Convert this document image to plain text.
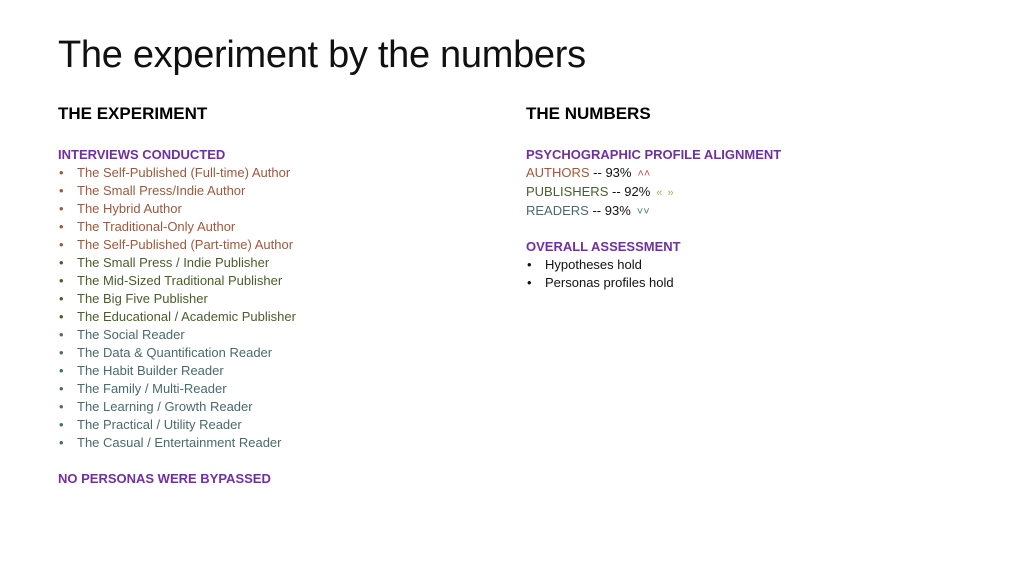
The experiment by the numbers
THE EXPERIMENT
INTERVIEWS CONDUCTED
• The Self-Published (Full-time) Author
• The Small Press/Indie Author
• The Hybrid Author
• The Traditional-Only Author
• The Self-Published (Part-time) Author
• The Small Press / Indie Publisher
• The Mid-Sized Traditional Publisher
• The Big Five Publisher
• The Educational / Academic Publisher
• The Social Reader
• The Data & Quantification Reader
• The Habit Builder Reader
• The Family / Multi-Reader
• The Learning / Growth Reader
• The Practical / Utility Reader
• The Casual / Entertainment Reader
NO PERSONAS WERE BYPASSED
THE NUMBERS
PSYCHOGRAPHIC PROFILE ALIGNMENT
AUTHORS -- 93% ˄˄
PUBLISHERS -- 92% « »
READERS -- 93% ˅˅
OVERALL ASSESSMENT
• Hypotheses hold
• Personas profiles hold
